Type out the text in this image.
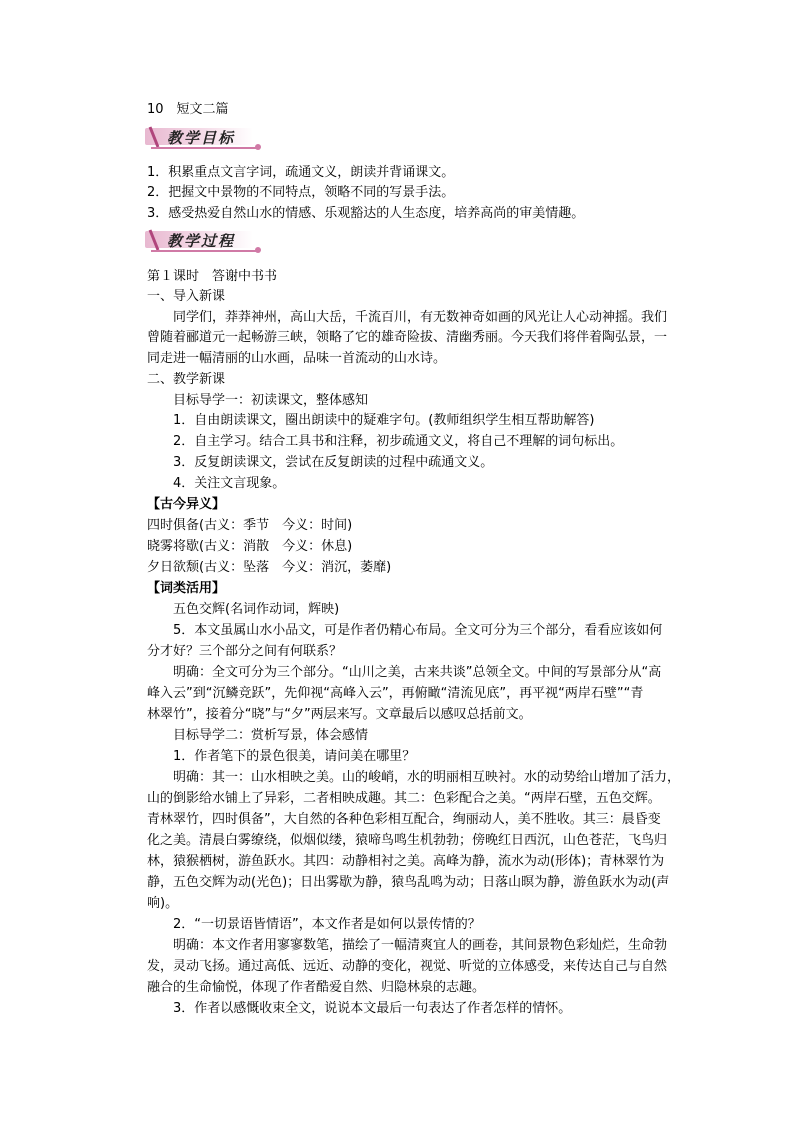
10　短文二篇
教学目标
1．积累重点文言字词，疏通文义，朗读并背诵课文。
2．把握文中景物的不同特点，领略不同的写景手法。
3．感受热爱自然山水的情感、乐观豁达的人生态度，培养高尚的审美情趣。
教学过程
第１课时　答谢中书书
一、导入新课
同学们，莽莽神州，高山大岳，千流百川，有无数神奇如画的风光让人心动神摇。我们
曾随着郦道元一起畅游三峡，领略了它的雄奇险拔、清幽秀丽。今天我们将伴着陶弘景，一
同走进一幅清丽的山水画，品味一首流动的山水诗。
二、教学新课
目标导学一：初读课文，整体感知
1．自由朗读课文，圈出朗读中的疑难字句。(教师组织学生相互帮助解答)
2．自主学习。结合工具书和注释，初步疏通文义，将自己不理解的词句标出。
3．反复朗读课文，尝试在反复朗读的过程中疏通文义。
4．关注文言现象。
【古今异义】
四时俱备(古义：季节　今义：时间)
晓雾将歇(古义：消散　今义：休息)
夕日欲颓(古义：坠落　今义：消沉，萎靡)
【词类活用】
五色交辉(名词作动词，辉映)
5．本文虽属山水小品文，可是作者仍精心布局。全文可分为三个部分，看看应该如何
分才好？三个部分之间有何联系？
明确：全文可分为三个部分。“山川之美，古来共谈”总领全文。中间的写景部分从“高
峰入云”到“沉鳞竞跃”，先仰视“高峰入云”，再俯瞰“清流见底”，再平视“两岸石壁”“青
林翠竹”，接着分“晓”与“夕”两层来写。文章最后以感叹总括前文。
目标导学二：赏析写景，体会感情
1．作者笔下的景色很美，请问美在哪里？
明确：其一：山水相映之美。山的峻峭，水的明丽相互映衬。水的动势给山增加了活力，
山的倒影给水铺上了异彩，二者相映成趣。其二：色彩配合之美。“两岸石壁，五色交辉。
青林翠竹，四时俱备”，大自然的各种色彩相互配合，绚丽动人，美不胜收。其三：晨昏变
化之美。清晨白雾缭绕，似烟似缕，猿啼鸟鸣生机勃勃；傍晚红日西沉，山色苍茫，飞鸟归
林，猿猴栖树，游鱼跃水。其四：动静相衬之美。高峰为静，流水为动(形体)；青林翠竹为
静，五色交辉为动(光色)；日出雾歇为静，猿鸟乱鸣为动；日落山暝为静，游鱼跃水为动(声
响)。
2．“一切景语皆情语”，本文作者是如何以景传情的？
明确：本文作者用寥寥数笔，描绘了一幅清爽宜人的画卷，其间景物色彩灿烂，生命勃
发，灵动飞扬。通过高低、远近、动静的变化，视觉、听觉的立体感受，来传达自己与自然
融合的生命愉悦，体现了作者酷爱自然、归隐林泉的志趣。
3．作者以感慨收束全文，说说本文最后一句表达了作者怎样的情怀。
